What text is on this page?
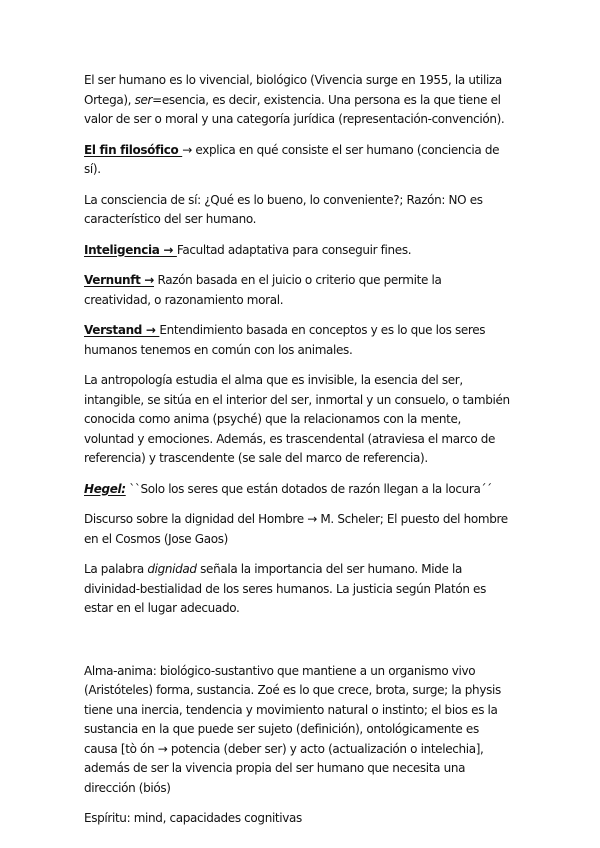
El ser humano es lo vivencial, biológico (Vivencia surge en 1955, la utiliza Ortega), ser=esencia, es decir, existencia. Una persona es la que tiene el valor de ser o moral y una categoría jurídica (representación-convención).

El fin filosófico → explica en qué consiste el ser humano (conciencia de sí).

La consciencia de sí: ¿Qué es lo bueno, lo conveniente?; Razón: NO es característico del ser humano.

Inteligencia → Facultad adaptativa para conseguir fines.

Vernunft → Razón basada en el juicio o criterio que permite la creatividad, o razonamiento moral.

Verstand → Entendimiento basada en conceptos y es lo que los seres humanos tenemos en común con los animales.

La antropología estudia el alma que es invisible, la esencia del ser, intangible, se sitúa en el interior del ser, inmortal y un consuelo, o también conocida como anima (psyché) que la relacionamos con la mente, voluntad y emociones. Además, es trascendental (atraviesa el marco de referencia) y trascendente (se sale del marco de referencia).

Hegel: ``Solo los seres que están dotados de razón llegan a la locura´´

Discurso sobre la dignidad del Hombre → M. Scheler; El puesto del hombre en el Cosmos (Jose Gaos)

La palabra dignidad señala la importancia del ser humano. Mide la divinidad-bestialidad de los seres humanos. La justicia según Platón es estar en el lugar adecuado.

Alma-anima: biológico-sustantivo que mantiene a un organismo vivo (Aristóteles) forma, sustancia. Zoé es lo que crece, brota, surge; la physis tiene una inercia, tendencia y movimiento natural o instinto; el bios es la sustancia en la que puede ser sujeto (definición), ontológicamente es causa [tò ón → potencia (deber ser) y acto (actualización o intelechia], además de ser la vivencia propia del ser humano que necesita una dirección (biós)

Espíritu: mind, capacidades cognitivas
